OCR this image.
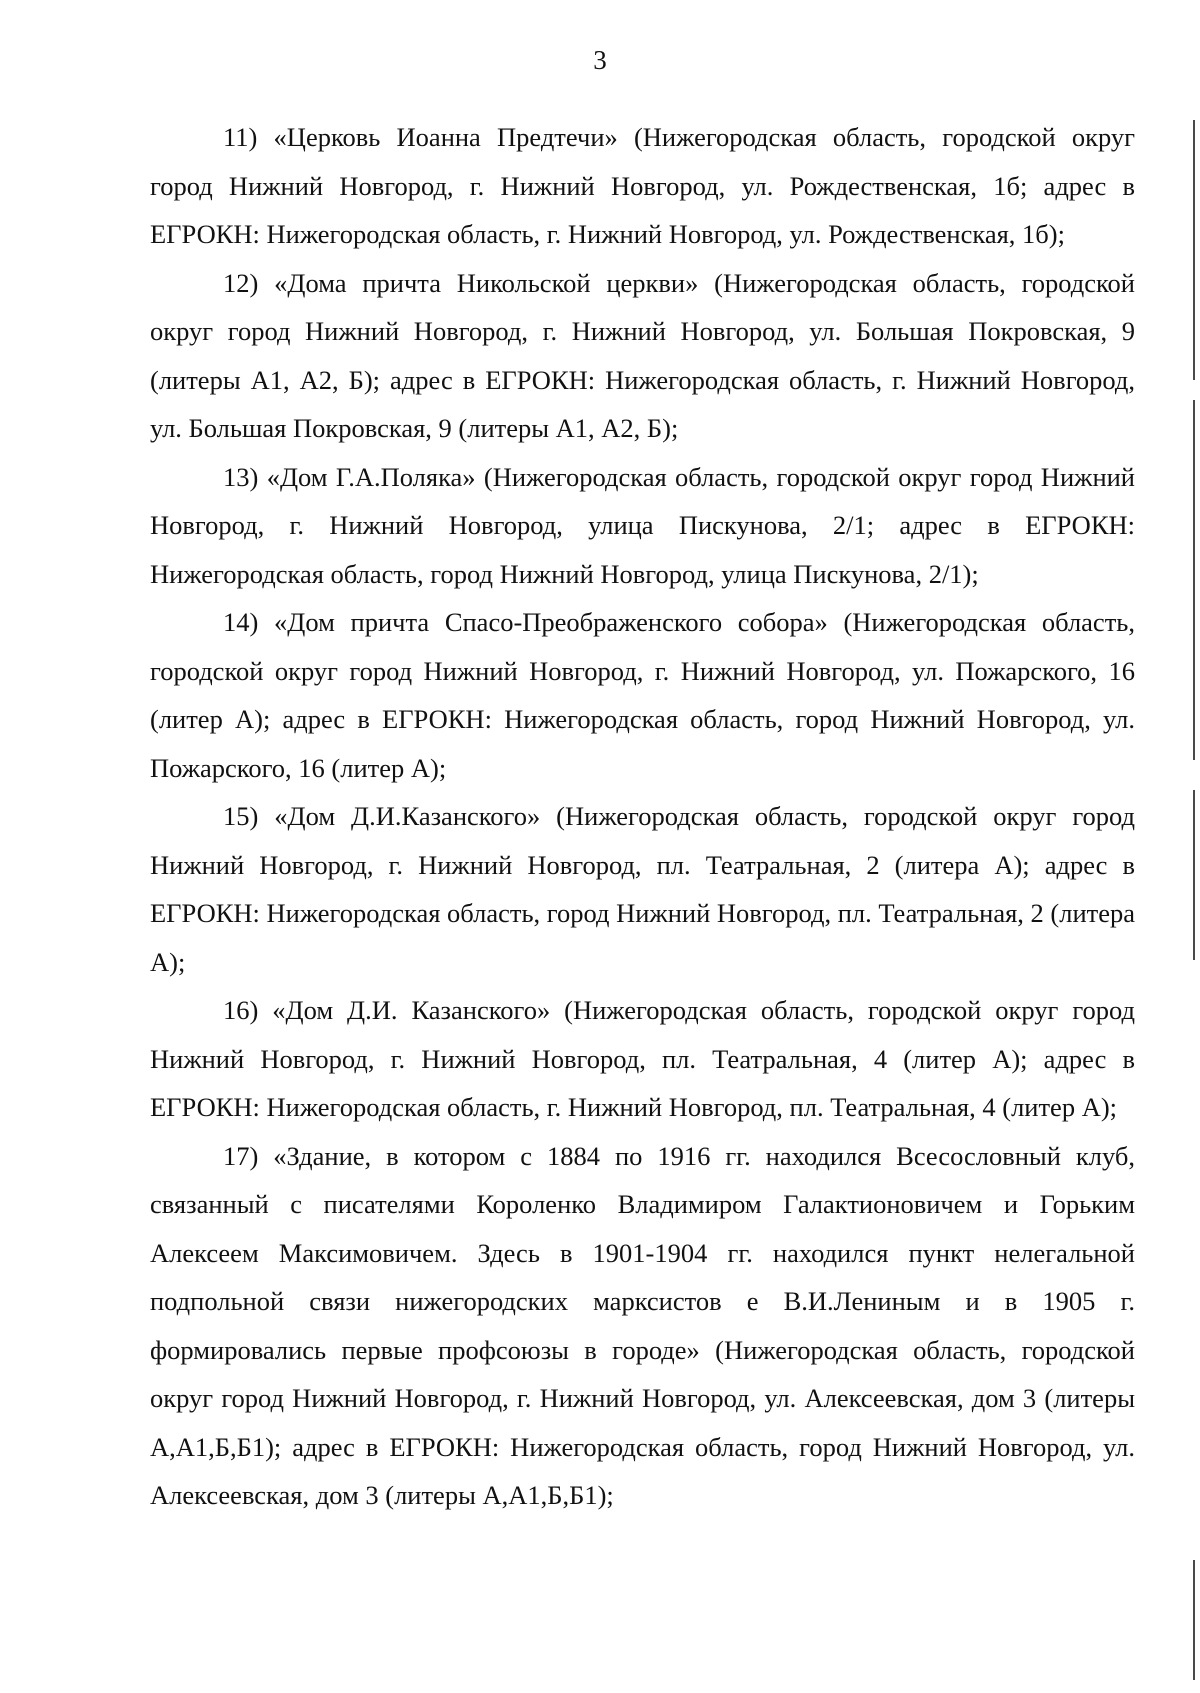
3

11) «Церковь Иоанна Предтечи» (Нижегородская область, городской округ город Нижний Новгород, г. Нижний Новгород, ул. Рождественская, 1б; адрес в ЕГРОКН: Нижегородская область, г. Нижний Новгород, ул. Рождественская, 1б);

12) «Дома причта Никольской церкви» (Нижегородская область, городской округ город Нижний Новгород, г. Нижний Новгород, ул. Большая Покровская, 9 (литеры А1, А2, Б); адрес в ЕГРОКН: Нижегородская область, г. Нижний Новгород, ул. Большая Покровская, 9 (литеры А1, А2, Б);

13) «Дом Г.А.Поляка» (Нижегородская область, городской округ город Нижний Новгород, г. Нижний Новгород, улица Пискунова, 2/1; адрес в ЕГРОКН: Нижегородская область, город Нижний Новгород, улица Пискунова, 2/1);

14) «Дом причта Спасо-Преображенского собора» (Нижегородская область, городской округ город Нижний Новгород, г. Нижний Новгород, ул. Пожарского, 16 (литер А); адрес в ЕГРОКН: Нижегородская область, город Нижний Новгород, ул. Пожарского, 16 (литер А);

15) «Дом Д.И.Казанского» (Нижегородская область, городской округ город Нижний Новгород, г. Нижний Новгород, пл. Театральная, 2 (литера А); адрес в ЕГРОКН: Нижегородская область, город Нижний Новгород, пл. Театральная, 2 (литера А);

16) «Дом Д.И. Казанского» (Нижегородская область, городской округ город Нижний Новгород, г. Нижний Новгород, пл. Театральная, 4 (литер А); адрес в ЕГРОКН: Нижегородская область, г. Нижний Новгород, пл. Театральная, 4 (литер А);

17) «Здание, в котором с 1884 по 1916 гг. находился Всесословный клуб, связанный с писателями Короленко Владимиром Галактионовичем и Горьким Алексеем Максимовичем. Здесь в 1901-1904 гг. находился пункт нелегальной подпольной связи нижегородских марксистов е В.И.Лениным и в 1905 г. формировались первые профсоюзы в городе» (Нижегородская область, городской округ город Нижний Новгород, г. Нижний Новгород, ул. Алексеевская, дом 3 (литеры А,А1,Б,Б1); адрес в ЕГРОКН: Нижегородская область, город Нижний Новгород, ул. Алексеевская, дом 3 (литеры А,А1,Б,Б1);
